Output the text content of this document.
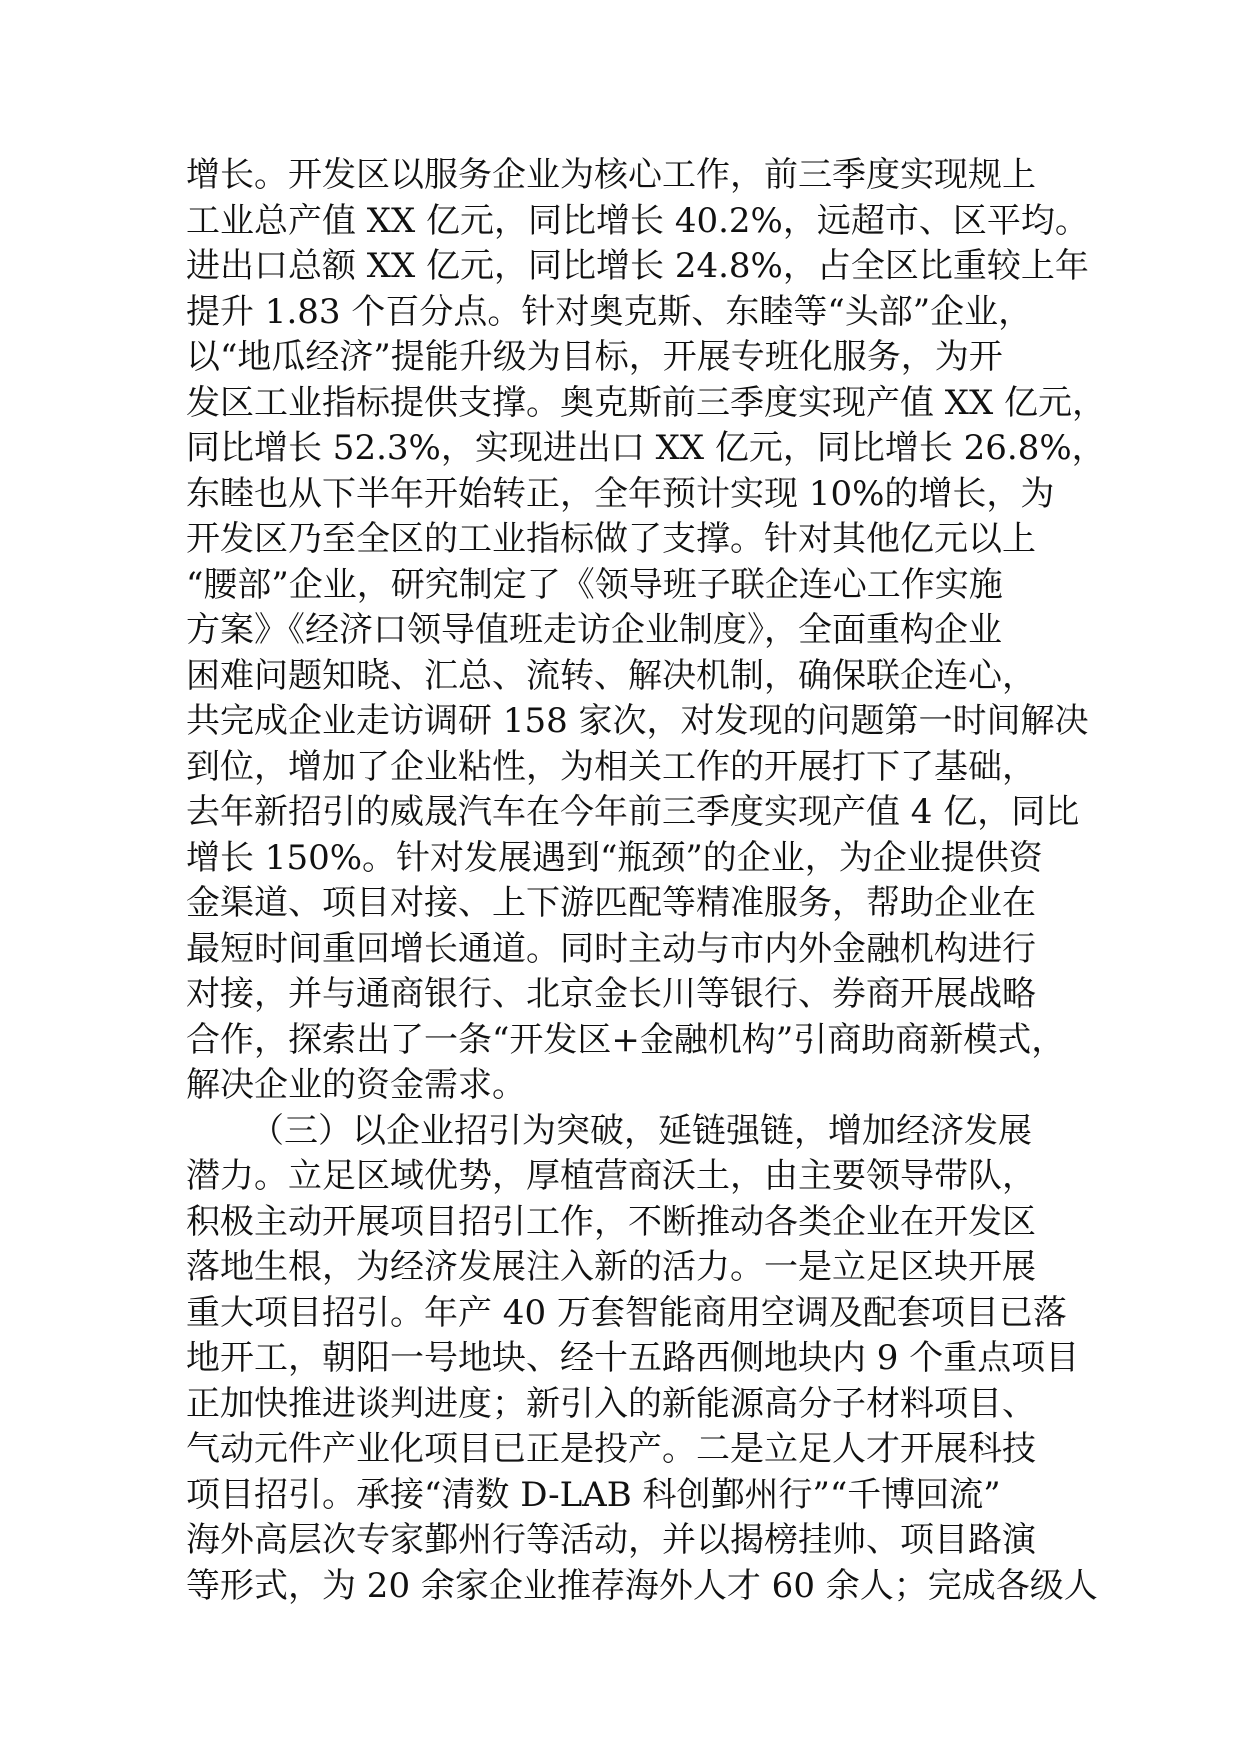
增长。开发区以服务企业为核心工作，前三季度实现规上
工业总产值 XX 亿元，同比增长 40.2%，远超市、区平均。
进出口总额 XX 亿元，同比增长 24.8%，占全区比重较上年
提升 1.83 个百分点。针对奥克斯、东睦等“头部”企业，
以“地瓜经济”提能升级为目标，开展专班化服务，为开
发区工业指标提供支撑。奥克斯前三季度实现产值 XX 亿元，
同比增长 52.3%，实现进出口 XX 亿元，同比增长 26.8%，
东睦也从下半年开始转正，全年预计实现 10%的增长，为
开发区乃至全区的工业指标做了支撑。针对其他亿元以上
“腰部”企业，研究制定了《领导班子联企连心工作实施
方案》《经济口领导值班走访企业制度》，全面重构企业
困难问题知晓、汇总、流转、解决机制，确保联企连心，
共完成企业走访调研 158 家次，对发现的问题第一时间解决
到位，增加了企业粘性，为相关工作的开展打下了基础，
去年新招引的威晟汽车在今年前三季度实现产值 4 亿，同比
增长 150%。针对发展遇到“瓶颈”的企业，为企业提供资
金渠道、项目对接、上下游匹配等精准服务，帮助企业在
最短时间重回增长通道。同时主动与市内外金融机构进行
对接，并与通商银行、北京金长川等银行、券商开展战略
合作，探索出了一条“开发区+金融机构”引商助商新模式，
解决企业的资金需求。
（三）以企业招引为突破，延链强链，增加经济发展
潜力。立足区域优势，厚植营商沃土，由主要领导带队，
积极主动开展项目招引工作，不断推动各类企业在开发区
落地生根，为经济发展注入新的活力。一是立足区块开展
重大项目招引。年产 40 万套智能商用空调及配套项目已落
地开工，朝阳一号地块、经十五路西侧地块内 9 个重点项目
正加快推进谈判进度；新引入的新能源高分子材料项目、
气动元件产业化项目已正是投产。二是立足人才开展科技
项目招引。承接“清数 D-LAB 科创鄞州行”“千博回流”
海外高层次专家鄞州行等活动，并以揭榜挂帅、项目路演
等形式，为 20 余家企业推荐海外人才 60 余人；完成各级人
